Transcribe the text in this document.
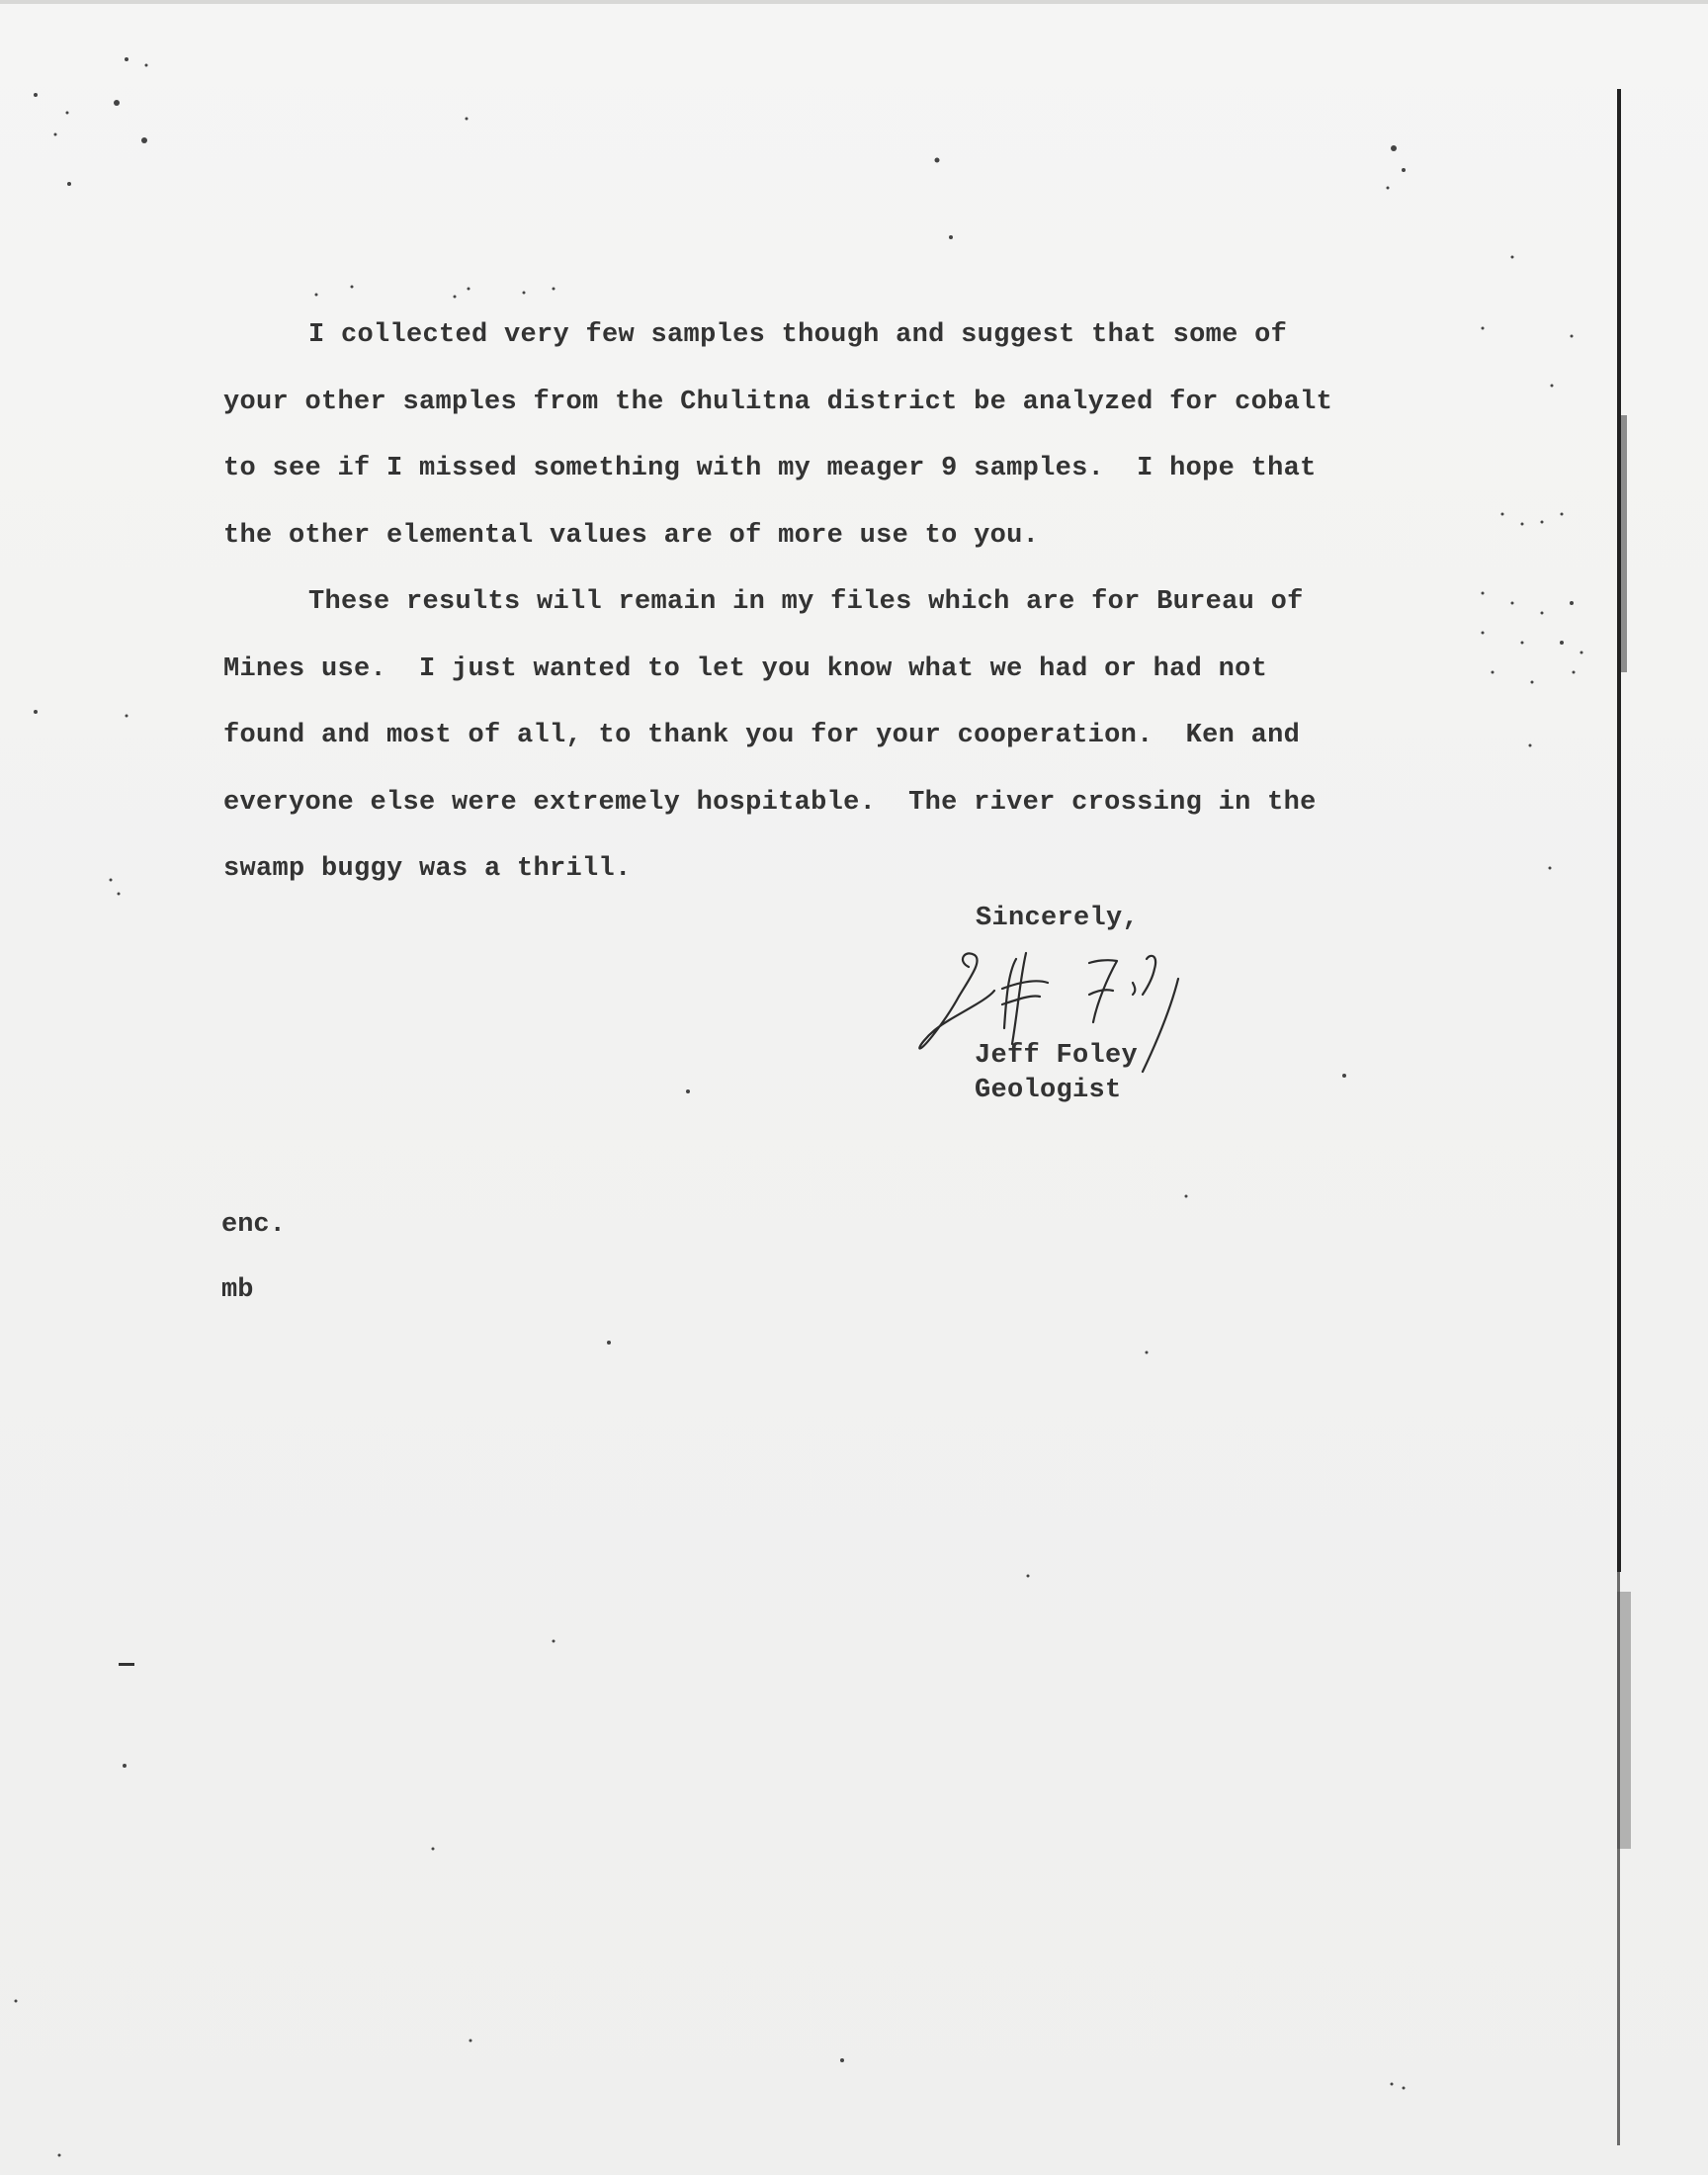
I collected very few samples though and suggest that some of
your other samples from the Chulitna district be analyzed for cobalt
to see if I missed something with my meager 9 samples.  I hope that
the other elemental values are of more use to you.
These results will remain in my files which are for Bureau of
Mines use.  I just wanted to let you know what we had or had not
found and most of all, to thank you for your cooperation.  Ken and
everyone else were extremely hospitable.  The river crossing in the
swamp buggy was a thrill.
Sincerely,
Jeff Foley
Geologist
enc.
mb
